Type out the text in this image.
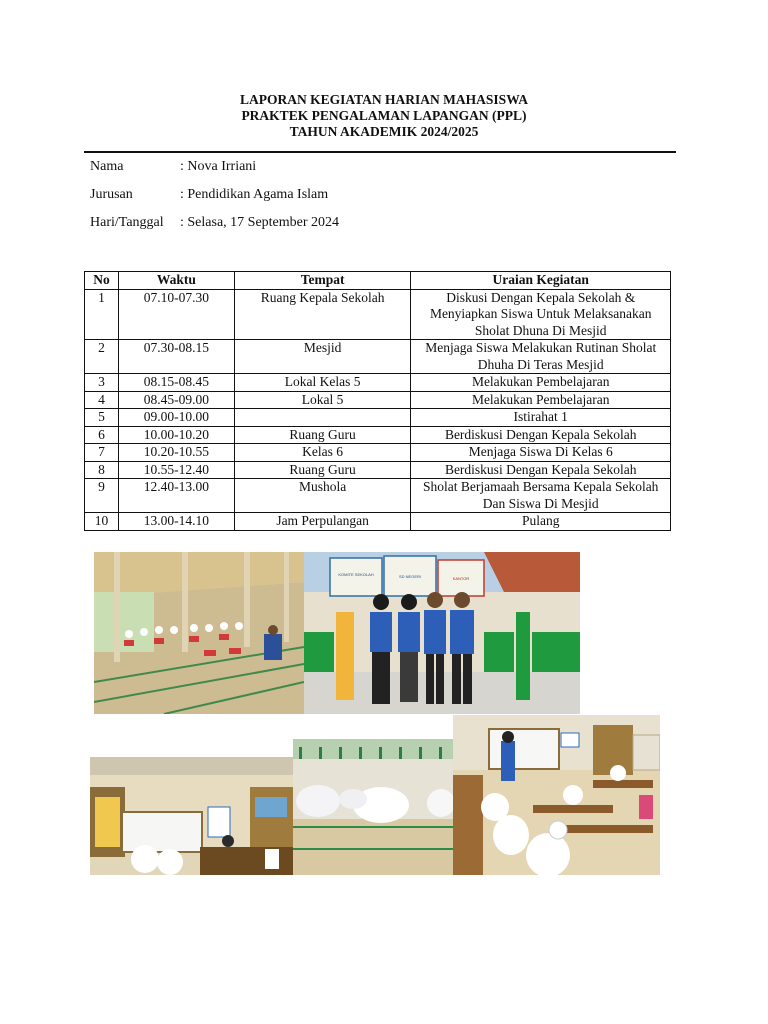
LAPORAN KEGIATAN HARIAN MAHASISWA
PRAKTEK PENGALAMAN LAPANGAN (PPL)
TAHUN AKADEMIK 2024/2025
Nama	: Nova Irriani
Jurusan	: Pendidikan Agama Islam
Hari/Tanggal	: Selasa, 17 September 2024
No	Waktu	Tempat	Uraian Kegiatan
1	07.10-07.30	Ruang Kepala Sekolah	Diskusi Dengan Kepala Sekolah & Menyiapkan Siswa Untuk Melaksanakan Sholat Dhuna Di Mesjid
2	07.30-08.15	Mesjid	Menjaga Siswa Melakukan Rutinan Sholat Dhuha Di Teras Mesjid
3	08.15-08.45	Lokal Kelas 5	Melakukan Pembelajaran
4	08.45-09.00	Lokal 5	Melakukan Pembelajaran
5	09.00-10.00		Istirahat 1
6	10.00-10.20	Ruang Guru	Berdiskusi Dengan Kepala Sekolah
7	10.20-10.55	Kelas 6	Menjaga Siswa Di Kelas 6
8	10.55-12.40	Ruang Guru	Berdiskusi Dengan Kepala Sekolah
9	12.40-13.00	Mushola	Sholat Berjamaah Bersama Kepala Sekolah Dan Siswa Di Mesjid
10	13.00-14.10	Jam Perpulangan	Pulang
KOMITE SEKOLAH	SD NEGERI	KANTOR
